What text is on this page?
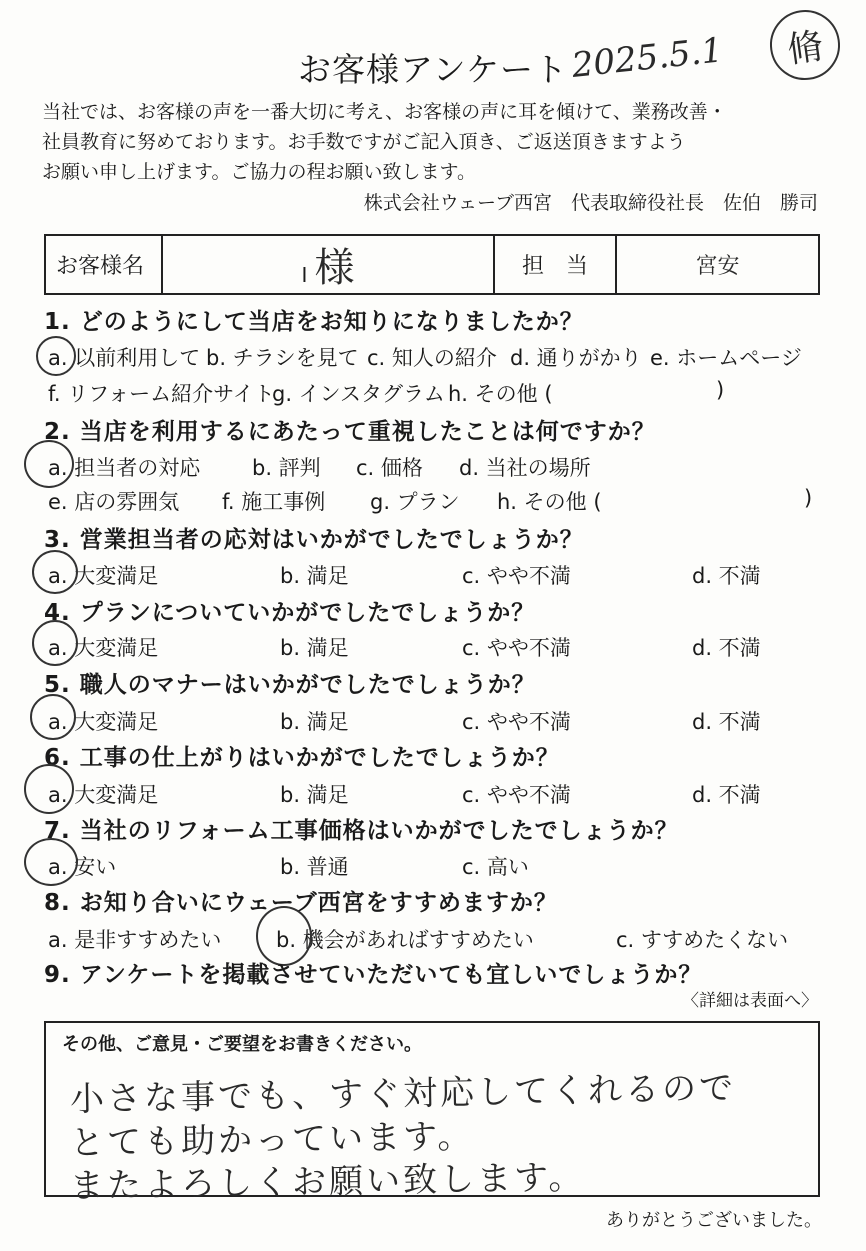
お客様アンケート 2025.5.1 脩
当社では、お客様の声を一番大切に考え、お客様の声に耳を傾けて、業務改善・
社員教育に努めております。お手数ですがご記入頂き、ご返送頂きますよう
お願い申し上げます。ご協力の程お願い致します。
株式会社ウェーブ西宮　代表取締役社長　佐伯　勝司
お客様名	I 様	担　当	宮安
1. どのようにして当店をお知りになりましたか？
a. 以前利用して b. チラシを見て c. 知人の紹介 d. 通りがかり e. ホームページ
f. リフォーム紹介サイト
g. インスタグラム h. その他 (	)
2. 当店を利用するにあたって重視したことは何ですか？
a. 担当者の対応 b. 評判 c. 価格 d. 当社の場所
e. 店の雰囲気 f. 施工事例 g. プラン h. その他 (	)
3. 営業担当者の応対はいかがでしたでしょうか？
a. 大変満足	b. 満足	c. やや不満	d. 不満
4. プランについていかがでしたでしょうか？
a. 大変満足	b. 満足	c. やや不満	d. 不満
5. 職人のマナーはいかがでしたでしょうか？
a. 大変満足	b. 満足	c. やや不満	d. 不満
6. 工事の仕上がりはいかがでしたでしょうか？
a. 大変満足	b. 満足	c. やや不満	d. 不満
7. 当社のリフォーム工事価格はいかがでしたでしょうか？
a. 安い	b. 普通	c. 高い
8. お知り合いにウェーブ西宮をすすめますか？
a. 是非すすめたい	b. 機会があればすすめたい	c. すすめたくない
9. アンケートを掲載させていただいても宜しいでしょうか？
〈詳細は表面へ〉
その他、ご意見・ご要望をお書きください。
小さな事でも、すぐ対応してくれるので
とても助かっています。
またよろしくお願い致します。
ありがとうございました。
